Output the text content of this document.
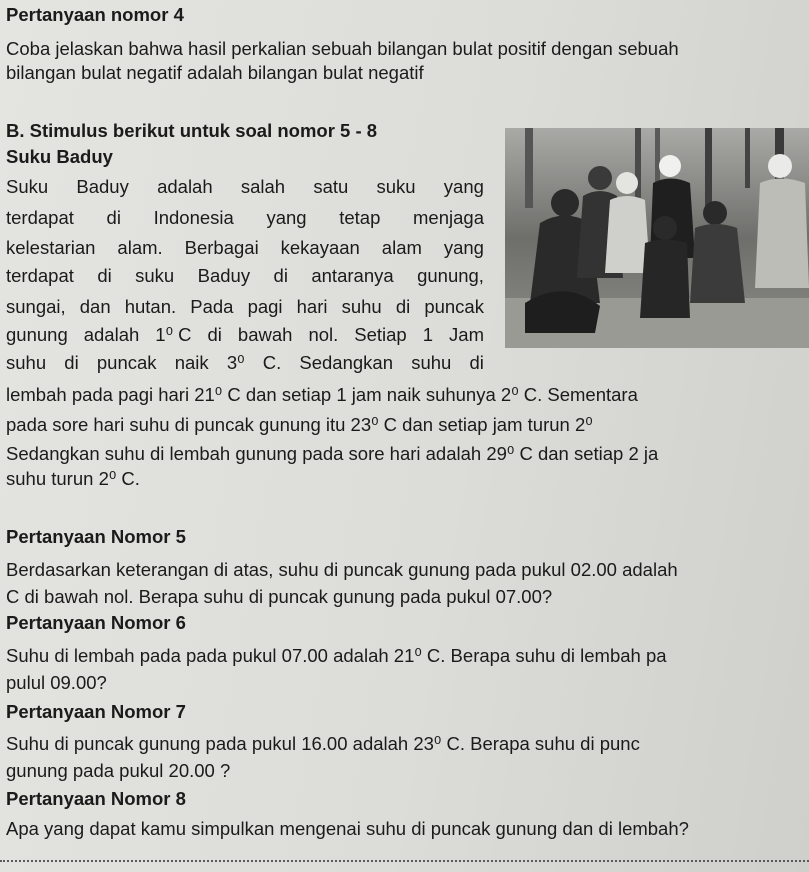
Pertanyaan nomor 4
Coba jelaskan bahwa hasil perkalian sebuah bilangan bulat positif dengan sebuah
bilangan bulat negatif adalah bilangan bulat negatif
B. Stimulus berikut untuk soal nomor 5 - 8
Suku Baduy
Suku Baduy adalah salah satu suku yang
terdapat di Indonesia yang tetap menjaga
kelestarian alam. Berbagai kekayaan alam yang
terdapat di suku Baduy di antaranya gunung,
sungai, dan hutan. Pada pagi hari suhu di puncak
gunung adalah 1⁰ C di bawah nol. Setiap 1 Jam
suhu di puncak naik 3⁰ C. Sedangkan suhu di
lembah pada pagi hari 21⁰ C dan setiap 1 jam naik suhunya 2⁰ C. Sementara
pada sore hari suhu di puncak gunung itu 23⁰ C dan setiap jam turun 2⁰
Sedangkan suhu di lembah gunung pada sore hari adalah 29⁰ C dan setiap 2 ja
suhu turun 2⁰ C.
Pertanyaan Nomor 5
Berdasarkan keterangan di atas, suhu di puncak gunung pada pukul 02.00 adalah
C di bawah nol. Berapa suhu di puncak gunung pada pukul 07.00?
Pertanyaan Nomor 6
Suhu di lembah pada pada pukul 07.00 adalah 21⁰ C. Berapa suhu di lembah pa
pulul 09.00?
Pertanyaan Nomor 7
Suhu di puncak gunung pada pukul 16.00 adalah 23⁰ C. Berapa suhu di punc
gunung pada pukul 20.00 ?
Pertanyaan Nomor 8
Apa yang dapat kamu simpulkan mengenai suhu di puncak gunung dan di lembah?
